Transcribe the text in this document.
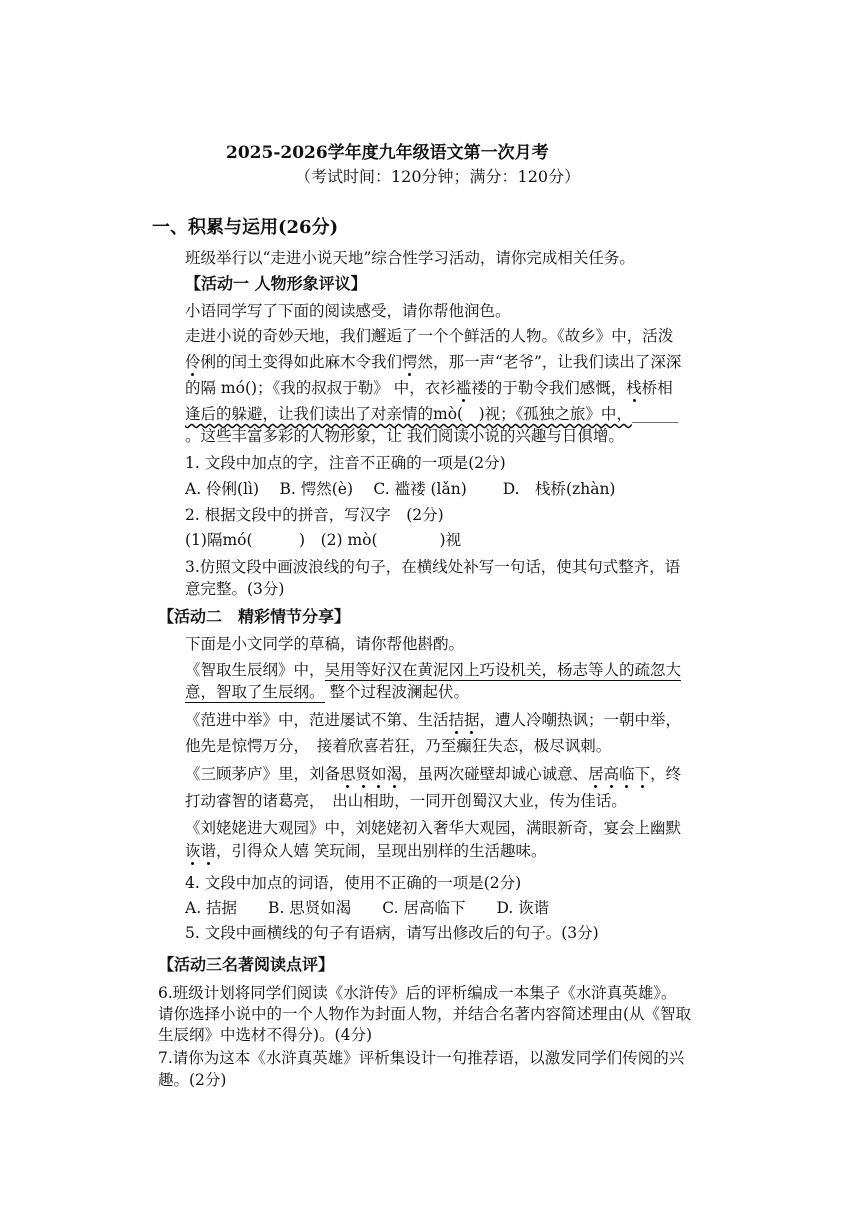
2025-2026学年度九年级语文第一次月考
（考试时间：120分钟；满分：120分）
一、积累与运用(26分)
班级举行以“走进小说天地”综合性学习活动，请你完成相关任务。
【活动一 人物形象评议】
小语同学写了下面的阅读感受，请你帮他润色。
走进小说的奇妙天地，我们邂逅了一个个鲜活的人物。《故乡》中，活泼
伶俐的闰土变得如此麻木令我们愕然，那一声“老爷”，让我们读出了深深
的隔 mó()；《我的叔叔于勒》 中，衣衫褴褛的于勒令我们感慨，栈桥相
逢后的躲避，让我们读出了对亲情的mò(　)视；《孤独之旅》中，______
。这些丰富多彩的人物形象，让 我们阅读小说的兴趣与日俱增。
1. 文段中加点的字，注音不正确的一项是(2分)
A. 伶俐(lì)　 B. 愕然(è)　 C. 褴褛 (lǎn)　　 D.　栈桥(zhàn)
2. 根据文段中的拼音，写汉字　(2分)
(1)隔mó(　　　)　(2) mò(　　　　)视
3.仿照文段中画波浪线的句子，在横线处补写一句话，使其句式整齐，语
意完整。(3分)
【活动二　精彩情节分享】
下面是小文同学的草稿，请你帮他斟酌。
《智取生辰纲》中，吴用等好汉在黄泥冈上巧设机关，杨志等人的疏忽大
意，智取了生辰纲。 整个过程波澜起伏。
《范进中举》中，范进屡试不第、生活拮据，遭人冷嘲热讽；一朝中举，
他先是惊愕万分，　接着欣喜若狂，乃至癫狂失态，极尽讽刺。
《三顾茅庐》里，刘备思贤如渴，虽两次碰壁却诚心诚意、居高临下，终
打动睿智的诸葛亮，　出山相助，一同开创蜀汉大业，传为佳话。
《刘姥姥进大观园》中，刘姥姥初入奢华大观园，满眼新奇，宴会上幽默
诙谐，引得众人嬉 笑玩闹，呈现出别样的生活趣味。
4. 文段中加点的词语，使用不正确的一项是(2分)
A. 拮据　　B. 思贤如渴　　C. 居高临下　　D. 诙谐
5. 文段中画横线的句子有语病，请写出修改后的句子。(3分)
【活动三名著阅读点评】
6.班级计划将同学们阅读《水浒传》后的评析编成一本集子《水浒真英雄》。
请你选择小说中的一个人物作为封面人物，并结合名著内容简述理由(从《智取
生辰纲》中选材不得分)。(4分)
7.请你为这本《水浒真英雄》评析集设计一句推荐语，以激发同学们传阅的兴
趣。(2分)
